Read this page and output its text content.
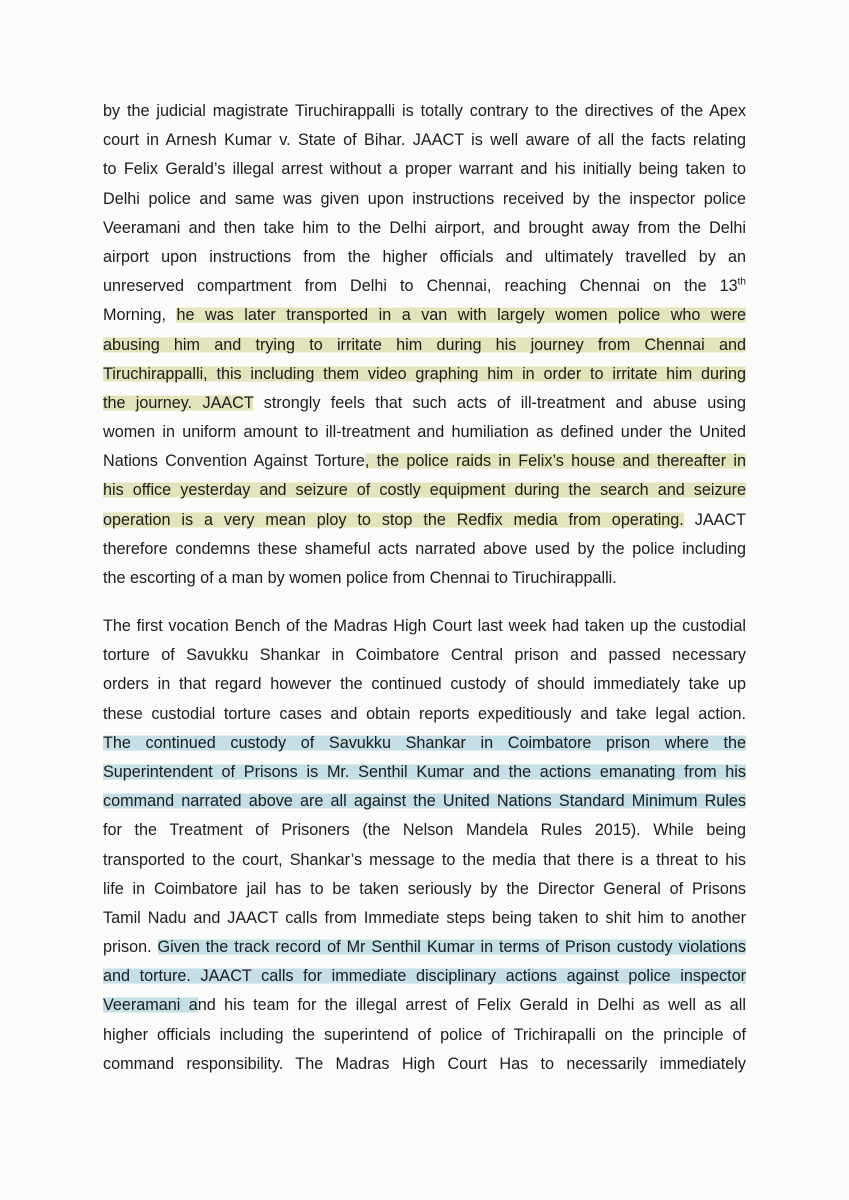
by the judicial magistrate Tiruchirappalli is totally contrary to the directives of the Apex
court in Arnesh Kumar v. State of Bihar. JAACT is well aware of all the facts relating
to Felix Gerald’s illegal arrest without a proper warrant and his initially being taken to
Delhi police and same was given upon instructions received by the inspector police
Veeramani and then take him to the Delhi airport, and brought away from the Delhi
airport upon instructions from the higher officials and ultimately travelled by an
unreserved compartment from Delhi to Chennai, reaching Chennai on the 13th
Morning, he was later transported in a van with largely women police who were
abusing him and trying to irritate him during his journey from Chennai and
Tiruchirappalli, this including them video graphing him in order to irritate him during
the journey. JAACT strongly feels that such acts of ill-treatment and abuse using
women in uniform amount to ill-treatment and humiliation as defined under the United
Nations Convention Against Torture, the police raids in Felix’s house and thereafter in
his office yesterday and seizure of costly equipment during the search and seizure
operation is a very mean ploy to stop the Redfix media from operating. JAACT
therefore condemns these shameful acts narrated above used by the police including
the escorting of a man by women police from Chennai to Tiruchirappalli.
The first vocation Bench of the Madras High Court last week had taken up the custodial
torture of Savukku Shankar in Coimbatore Central prison and passed necessary
orders in that regard however the continued custody of should immediately take up
these custodial torture cases and obtain reports expeditiously and take legal action.
The continued custody of Savukku Shankar in Coimbatore prison where the
Superintendent of Prisons is Mr. Senthil Kumar and the actions emanating from his
command narrated above are all against the United Nations Standard Minimum Rules
for the Treatment of Prisoners (the Nelson Mandela Rules 2015). While being
transported to the court, Shankar’s message to the media that there is a threat to his
life in Coimbatore jail has to be taken seriously by the Director General of Prisons
Tamil Nadu and JAACT calls from Immediate steps being taken to shit him to another
prison. Given the track record of Mr Senthil Kumar in terms of Prison custody violations
and torture. JAACT calls for immediate disciplinary actions against police inspector
Veeramani and his team for the illegal arrest of Felix Gerald in Delhi as well as all
higher officials including the superintend of police of Trichirapalli on the principle of
command responsibility. The Madras High Court Has to necessarily immediately
